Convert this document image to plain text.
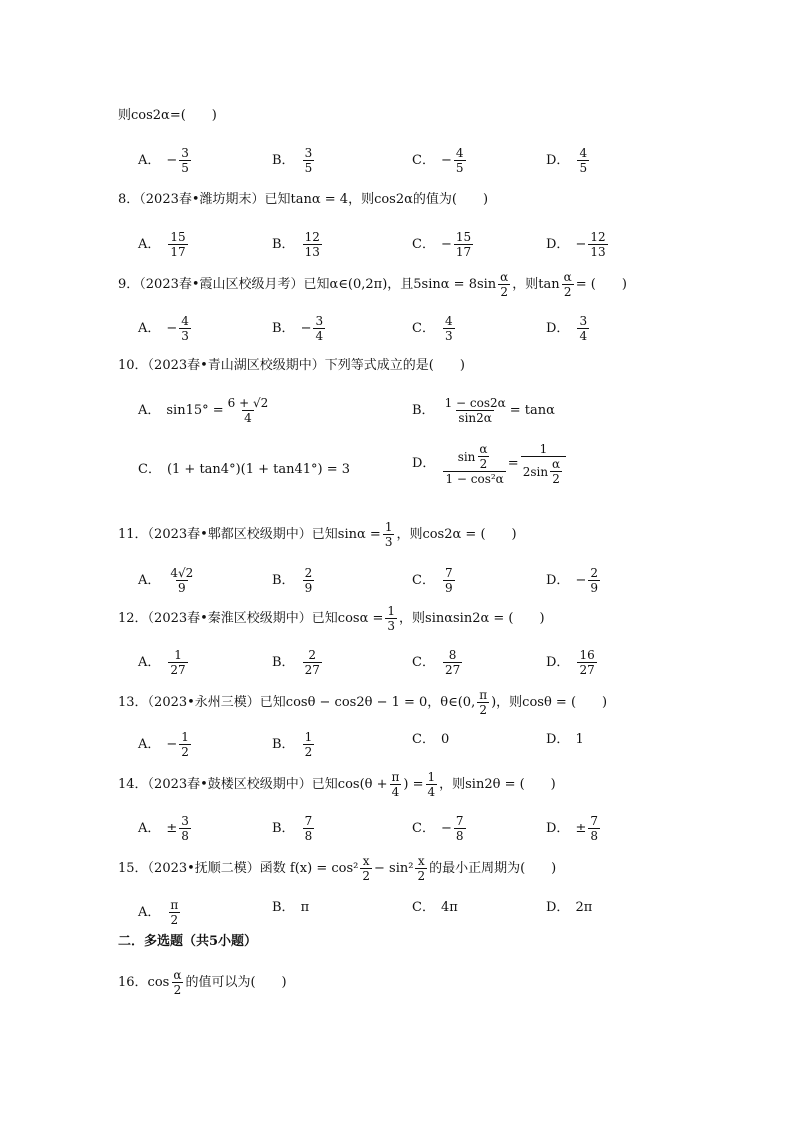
则cos2α=(　　)
A． − $\frac{3}{5}$	B． $\frac{3}{5}$	C． − $\frac{4}{5}$	D． $\frac{4}{5}$
8．（2023春•潍坊期末）已知tanα = 4，则cos2α的值为(　　)
A． $\frac{15}{17}$	B． $\frac{12}{13}$	C． − $\frac{15}{17}$	D． − $\frac{12}{13}$
9．（2023春•霞山区校级月考）已知α∈(0,2π)，且$5\sin\alpha = 8\sin \frac{\alpha}{2}$ ，则$\tan \frac{\alpha}{2}$ = (　　)
A． − $\frac{4}{3}$	B． − $\frac{3}{4}$	C． $\frac{4}{3}$	D． $\frac{3}{4}$
10．（2023春•青山湖区校级期中）下列等式成立的是(　　)
A． $\sin 15^\circ = \frac{6 + √2}{4}$	B． $\frac{1 - \cos 2\alpha}{\sin 2\alpha} = \tan\alpha$
C． (1 + tan4°)(1 + tan41°) = 3	D． $\frac{\sin \frac{\alpha}{2}}{\text{1 − cos²α}} = \frac{1}{2\sin \frac{\alpha}{2}}$
11．（2023春•郫都区校级期中）已知$\sin\alpha = \frac{1}{3}$ ，则cos2α = (　　)
A． $\frac{4√2}{9}$	B． $\frac{2}{9}$	C． $\frac{7}{9}$	D． − $\frac{2}{9}$
12．（2023春•秦淮区校级期中）已知$\cos\alpha = \frac{1}{3}$ ，则sinαsin2α = (　　)
A． $\frac{1}{27}$	B． $\frac{2}{27}$	C． $\frac{8}{27}$	D． $\frac{16}{27}$
13．（2023•永州三模）已知cosθ − cos2θ − 1 = 0，θ∈(0, $\frac{\pi}{2}$ )，则cosθ = (　　)
A． − $\frac{1}{2}$	B． $\frac{1}{2}$	C． 0	D． 1
14．（2023春•鼓楼区校级期中）已知$\cos(\theta + \frac{\pi}{4}$ ) = $\frac{1}{4}$ ，则sin2θ = (　　)
A． ± $\frac{3}{8}$	B． $\frac{7}{8}$	C． − $\frac{7}{8}$	D． ± $\frac{7}{8}$
15．（2023•抚顺二模）函数 $f(x) = \cos^2 \frac{x}{2} - \sin^2 \frac{x}{2}$ 的最小正周期为(　　)
A． $\frac{\pi}{2}$	B． π	C． 4π	D． 2π
二．多选题（共5小题）
16．$\cos \frac{\alpha}{2}$ 的值可以为(　　)
